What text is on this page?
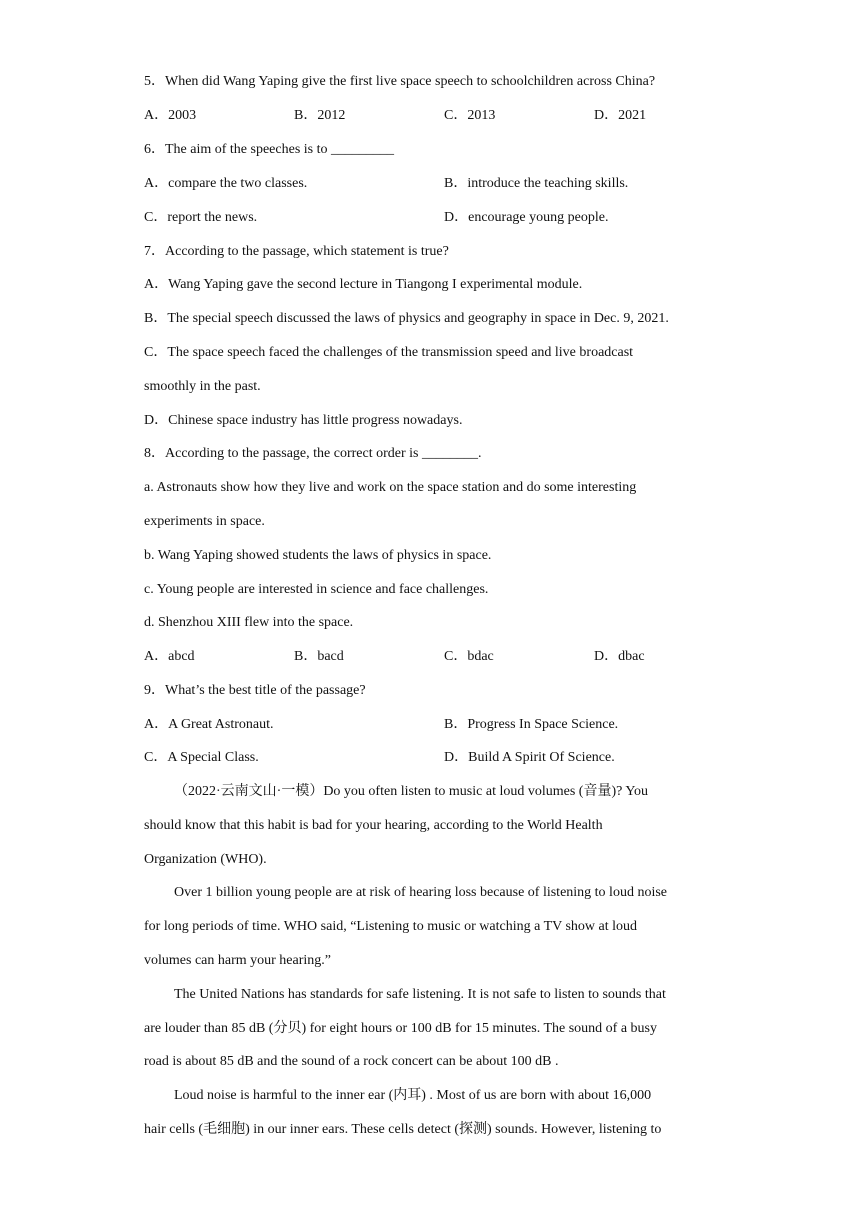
5．When did Wang Yaping give the first live space speech to schoolchildren across China?
A．2003	B．2012	C．2013	D．2021
6．The aim of the speeches is to _________
A．compare the two classes.	B．introduce the teaching skills.
C．report the news.	D．encourage young people.
7．According to the passage, which statement is true?
A．Wang Yaping gave the second lecture in Tiangong I experimental module.
B．The special speech discussed the laws of physics and geography in space in Dec. 9, 2021.
C．The space speech faced the challenges of the transmission speed and live broadcast
smoothly in the past.
D．Chinese space industry has little progress nowadays.
8．According to the passage, the correct order is ________.
a. Astronauts show how they live and work on the space station and do some interesting
experiments in space.
b. Wang Yaping showed students the laws of physics in space.
c. Young people are interested in science and face challenges.
d. Shenzhou XIII flew into the space.
A．abcd	B．bacd	C．bdac	D．dbac
9．What’s the best title of the passage?
A．A Great Astronaut.	B．Progress In Space Science.
C．A Special Class.	D．Build A Spirit Of Science.
（2022·云南文山·一模）Do you often listen to music at loud volumes (音量)? You
should know that this habit is bad for your hearing, according to the World Health
Organization (WHO).
Over 1 billion young people are at risk of hearing loss because of listening to loud noise
for long periods of time. WHO said, “Listening to music or watching a TV show at loud
volumes can harm your hearing.”
The United Nations has standards for safe listening. It is not safe to listen to sounds that
are louder than 85 dB (分贝) for eight hours or 100 dB for 15 minutes. The sound of a busy
road is about 85 dB and the sound of a rock concert can be about 100 dB .
Loud noise is harmful to the inner ear (内耳) . Most of us are born with about 16,000
hair cells (毛细胞) in our inner ears. These cells detect (探测) sounds. However, listening to
